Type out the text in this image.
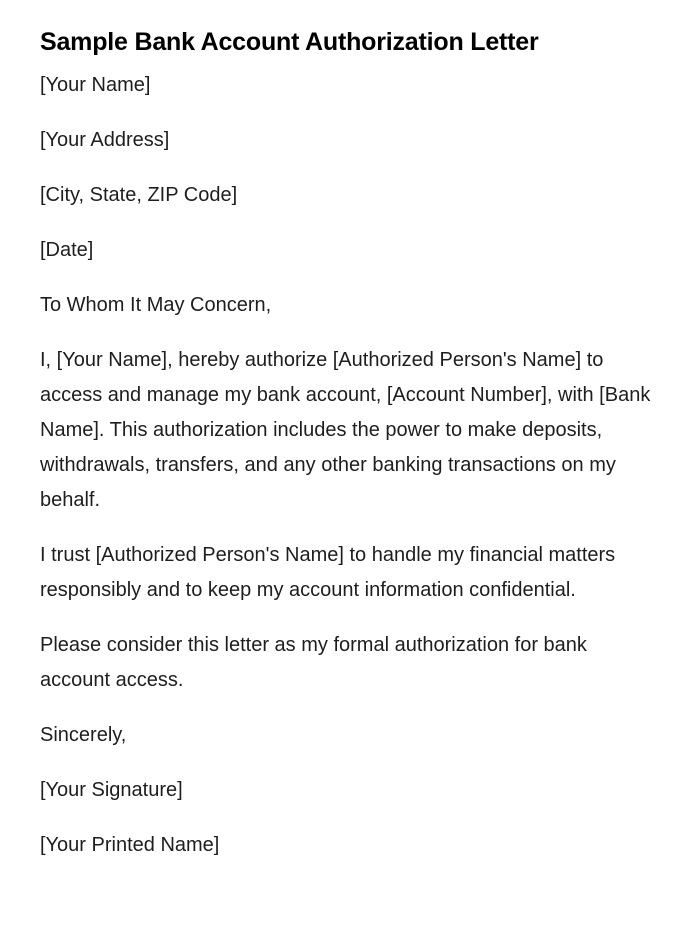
Sample Bank Account Authorization Letter

[Your Name]

[Your Address]

[City, State, ZIP Code]

[Date]

To Whom It May Concern,

I, [Your Name], hereby authorize [Authorized Person's Name] to access and manage my bank account, [Account Number], with [Bank Name]. This authorization includes the power to make deposits, withdrawals, transfers, and any other banking transactions on my behalf.

I trust [Authorized Person's Name] to handle my financial matters responsibly and to keep my account information confidential.

Please consider this letter as my formal authorization for bank account access.

Sincerely,

[Your Signature]

[Your Printed Name]
